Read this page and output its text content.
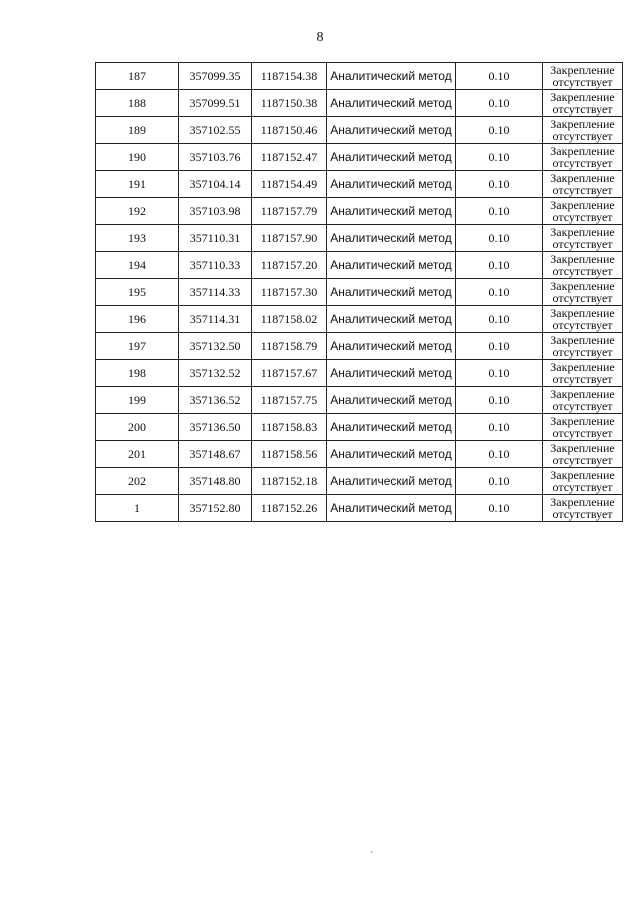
8
187	357099.35	1187154.38	Аналитический метод	0.10	Закрепление отсутствует
188	357099.51	1187150.38	Аналитический метод	0.10	Закрепление отсутствует
189	357102.55	1187150.46	Аналитический метод	0.10	Закрепление отсутствует
190	357103.76	1187152.47	Аналитический метод	0.10	Закрепление отсутствует
191	357104.14	1187154.49	Аналитический метод	0.10	Закрепление отсутствует
192	357103.98	1187157.79	Аналитический метод	0.10	Закрепление отсутствует
193	357110.31	1187157.90	Аналитический метод	0.10	Закрепление отсутствует
194	357110.33	1187157.20	Аналитический метод	0.10	Закрепление отсутствует
195	357114.33	1187157.30	Аналитический метод	0.10	Закрепление отсутствует
196	357114.31	1187158.02	Аналитический метод	0.10	Закрепление отсутствует
197	357132.50	1187158.79	Аналитический метод	0.10	Закрепление отсутствует
198	357132.52	1187157.67	Аналитический метод	0.10	Закрепление отсутствует
199	357136.52	1187157.75	Аналитический метод	0.10	Закрепление отсутствует
200	357136.50	1187158.83	Аналитический метод	0.10	Закрепление отсутствует
201	357148.67	1187158.56	Аналитический метод	0.10	Закрепление отсутствует
202	357148.80	1187152.18	Аналитический метод	0.10	Закрепление отсутствует
1	357152.80	1187152.26	Аналитический метод	0.10	Закрепление отсутствует
`
